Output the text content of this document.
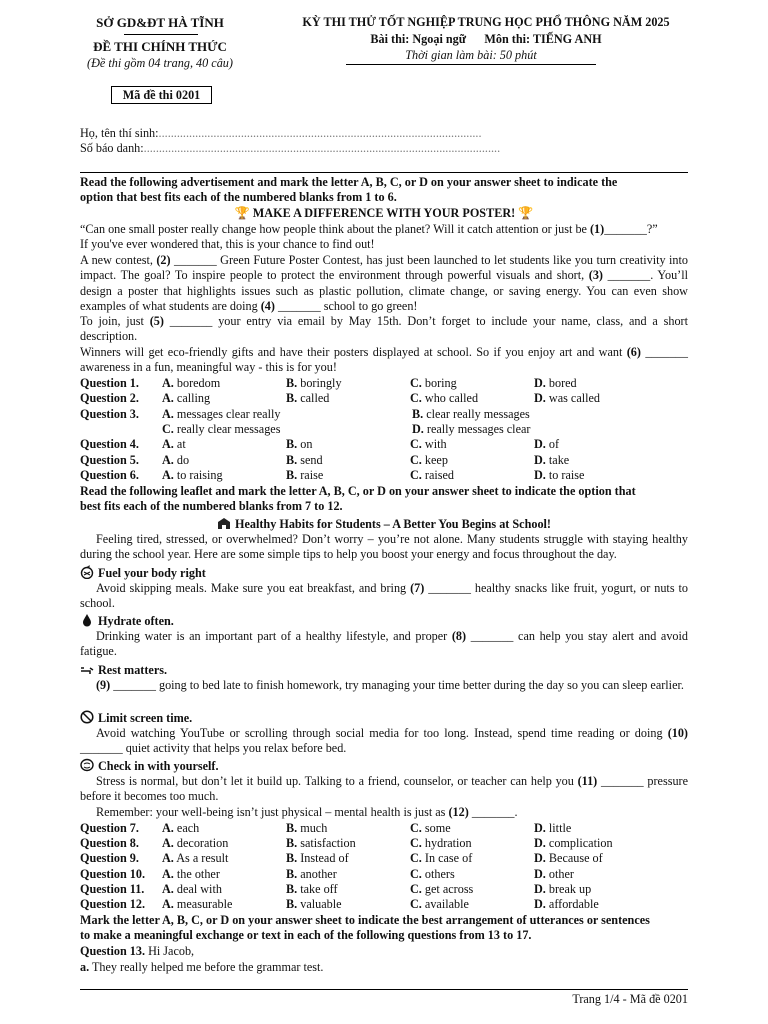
SỞ GD&ĐT HÀ TĨNH
ĐỀ THI CHÍNH THỨC
(Đề thi gồm 04 trang, 40 câu)
Mã đề thi 0201
KỲ THI THỬ TỐT NGHIỆP TRUNG HỌC PHỔ THÔNG NĂM 2025
Bài thi: Ngoại ngữ      Môn thi: TIẾNG ANH
Thời gian làm bài: 50 phút
Họ, tên thí sinh:..........................................................................................................
Số báo danh:.....................................................................................................................
Read the following advertisement and mark the letter A, B, C, or D on your answer sheet to indicate the
option that best fits each of the numbered blanks from 1 to 6.
🏆 MAKE A DIFFERENCE WITH YOUR POSTER! 🏆
“Can one small poster really change how people think about the planet? Will it catch attention or just be (1)_______?”
If you've ever wondered that, this is your chance to find out!
A new contest, (2) _______ Green Future Poster Contest, has just been launched to let students like you turn creativity into impact. The goal? To inspire people to protect the environment through powerful visuals and short, (3) _______. You’ll design a poster that highlights issues such as plastic pollution, climate change, or saving energy. You can even show examples of what students are doing (4) _______ school to go green!
To join, just (5) _______ your entry via email by May 15th. Don’t forget to include your name, class, and a short description.
Winners will get eco-friendly gifts and have their posters displayed at school. So if you enjoy art and want (6) _______ awareness in a fun, meaningful way - this is for you!
Question 1. A. boredom	B. boringly	C. boring	D. bored
Question 2. A. calling	B. called	C. who called	D. was called
Question 3. A. messages clear really	B. clear really messages
C. really clear messages	D. really messages clear
Question 4. A. at	B. on	C. with	D. of
Question 5. A. do	B. send	C. keep	D. take
Question 6. A. to raising	B. raise	C. raised	D. to raise
Read the following leaflet and mark the letter A, B, C, or D on your answer sheet to indicate the option that
best fits each of the numbered blanks from 7 to 12.
Healthy Habits for Students – A Better You Begins at School!
Feeling tired, stressed, or overwhelmed? Don’t worry – you’re not alone. Many students struggle with staying healthy during the school year. Here are some simple tips to help you boost your energy and focus throughout the day.
Fuel your body right
Avoid skipping meals. Make sure you eat breakfast, and bring (7) _______ healthy snacks like fruit, yogurt, or nuts to school.
Hydrate often.
Drinking water is an important part of a healthy lifestyle, and proper (8) _______ can help you stay alert and avoid fatigue.
Rest matters.
(9) _______ going to bed late to finish homework, try managing your time better during the day so you can sleep earlier.
Limit screen time.
Avoid watching YouTube or scrolling through social media for too long. Instead, spend time reading or doing (10) _______ quiet activity that helps you relax before bed.
Check in with yourself.
Stress is normal, but don’t let it build up. Talking to a friend, counselor, or teacher can help you (11) _______ pressure before it becomes too much.
Remember: your well-being isn’t just physical – mental health is just as (12) _______.
Question 7. A. each	B. much	C. some	D. little
Question 8. A. decoration	B. satisfaction	C. hydration	D. complication
Question 9. A. As a result	B. Instead of	C. In case of	D. Because of
Question 10. A. the other	B. another	C. others	D. other
Question 11. A. deal with	B. take off	C. get across	D. break up
Question 12. A. measurable	B. valuable	C. available	D. affordable
Mark the letter A, B, C, or D on your answer sheet to indicate the best arrangement of utterances or sentences
to make a meaningful exchange or text in each of the following questions from 13 to 17.
Question 13. Hi Jacob,
a. They really helped me before the grammar test.
Trang 1/4 - Mã đề 0201
